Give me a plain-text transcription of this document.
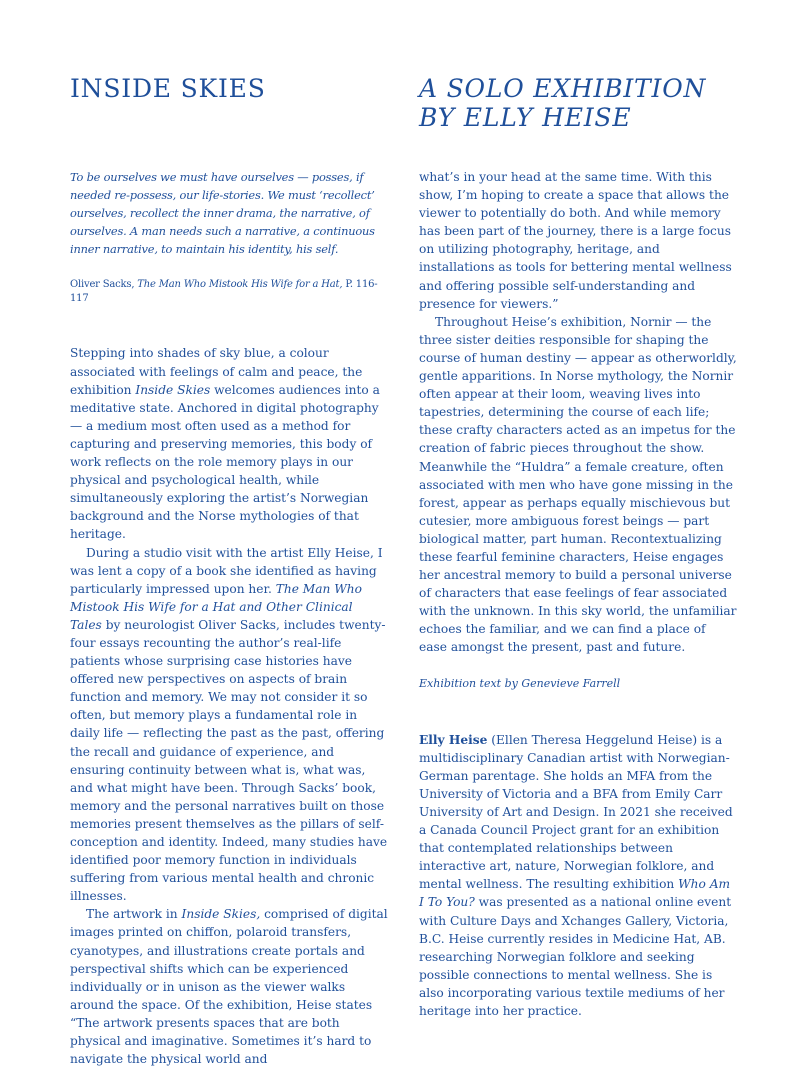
INSIDE SKIES	A SOLO EXHIBITION
BY ELLY HEISE

To be ourselves we must have ourselves — posses, if needed re-possess, our life-stories. We must ‘recollect’ ourselves, recollect the inner drama, the narrative, of ourselves. A man needs such a narrative, a continuous inner narrative, to maintain his identity, his self.

Oliver Sacks, The Man Who Mistook His Wife for a Hat, P. 116-117

Stepping into shades of sky blue, a colour associated with feelings of calm and peace, the exhibition Inside Skies welcomes audiences into a meditative state. Anchored in digital photography — a medium most often used as a method for capturing and preserving memories, this body of work reflects on the role memory plays in our physical and psychological health, while simultaneously exploring the artist’s Norwegian background and the Norse mythologies of that heritage.

During a studio visit with the artist Elly Heise, I was lent a copy of a book she identified as having particularly impressed upon her. The Man Who Mistook His Wife for a Hat and Other Clinical Tales by neurologist Oliver Sacks, includes twenty-four essays recounting the author’s real-life patients whose surprising case histories have offered new perspectives on aspects of brain function and memory. We may not consider it so often, but memory plays a fundamental role in daily life — reflecting the past as the past, offering the recall and guidance of experience, and ensuring continuity between what is, what was, and what might have been. Through Sacks’ book, memory and the personal narratives built on those memories present themselves as the pillars of self-conception and identity. Indeed, many studies have identified poor memory function in individuals suffering from various mental health and chronic illnesses.

The artwork in Inside Skies, comprised of digital images printed on chiffon, polaroid transfers, cyanotypes, and illustrations create portals and perspectival shifts which can be experienced individually or in unison as the viewer walks around the space. Of the exhibition, Heise states “The artwork presents spaces that are both physical and imaginative. Sometimes it’s hard to navigate the physical world and

what’s in your head at the same time. With this show, I’m hoping to create a space that allows the viewer to potentially do both. And while memory has been part of the journey, there is a large focus on utilizing photography, heritage, and installations as tools for bettering mental wellness and offering possible self-understanding and presence for viewers.”

Throughout Heise’s exhibition, Nornir — the three sister deities responsible for shaping the course of human destiny — appear as otherworldly, gentle apparitions. In Norse mythology, the Nornir often appear at their loom, weaving lives into tapestries, determining the course of each life; these crafty characters acted as an impetus for the creation of fabric pieces throughout the show. Meanwhile the “Huldra” a female creature, often associated with men who have gone missing in the forest, appear as perhaps equally mischievous but cutesier, more ambiguous forest beings — part biological matter, part human. Recontextualizing these fearful feminine characters, Heise engages her ancestral memory to build a personal universe of characters that ease feelings of fear associated with the unknown. In this sky world, the unfamiliar echoes the familiar, and we can find a place of ease amongst the present, past and future.

Exhibition text by Genevieve Farrell

Elly Heise (Ellen Theresa Heggelund Heise) is a multidisciplinary Canadian artist with Norwegian-German parentage. She holds an MFA from the University of Victoria and a BFA from Emily Carr University of Art and Design. In 2021 she received a Canada Council Project grant for an exhibition that contemplated relationships between interactive art, nature, Norwegian folklore, and mental wellness. The resulting exhibition Who Am I To You? was presented as a national online event with Culture Days and Xchanges Gallery, Victoria, B.C. Heise currently resides in Medicine Hat, AB. researching Norwegian folklore and seeking possible connections to mental wellness. She is also incorporating various textile mediums of her heritage into her practice.
